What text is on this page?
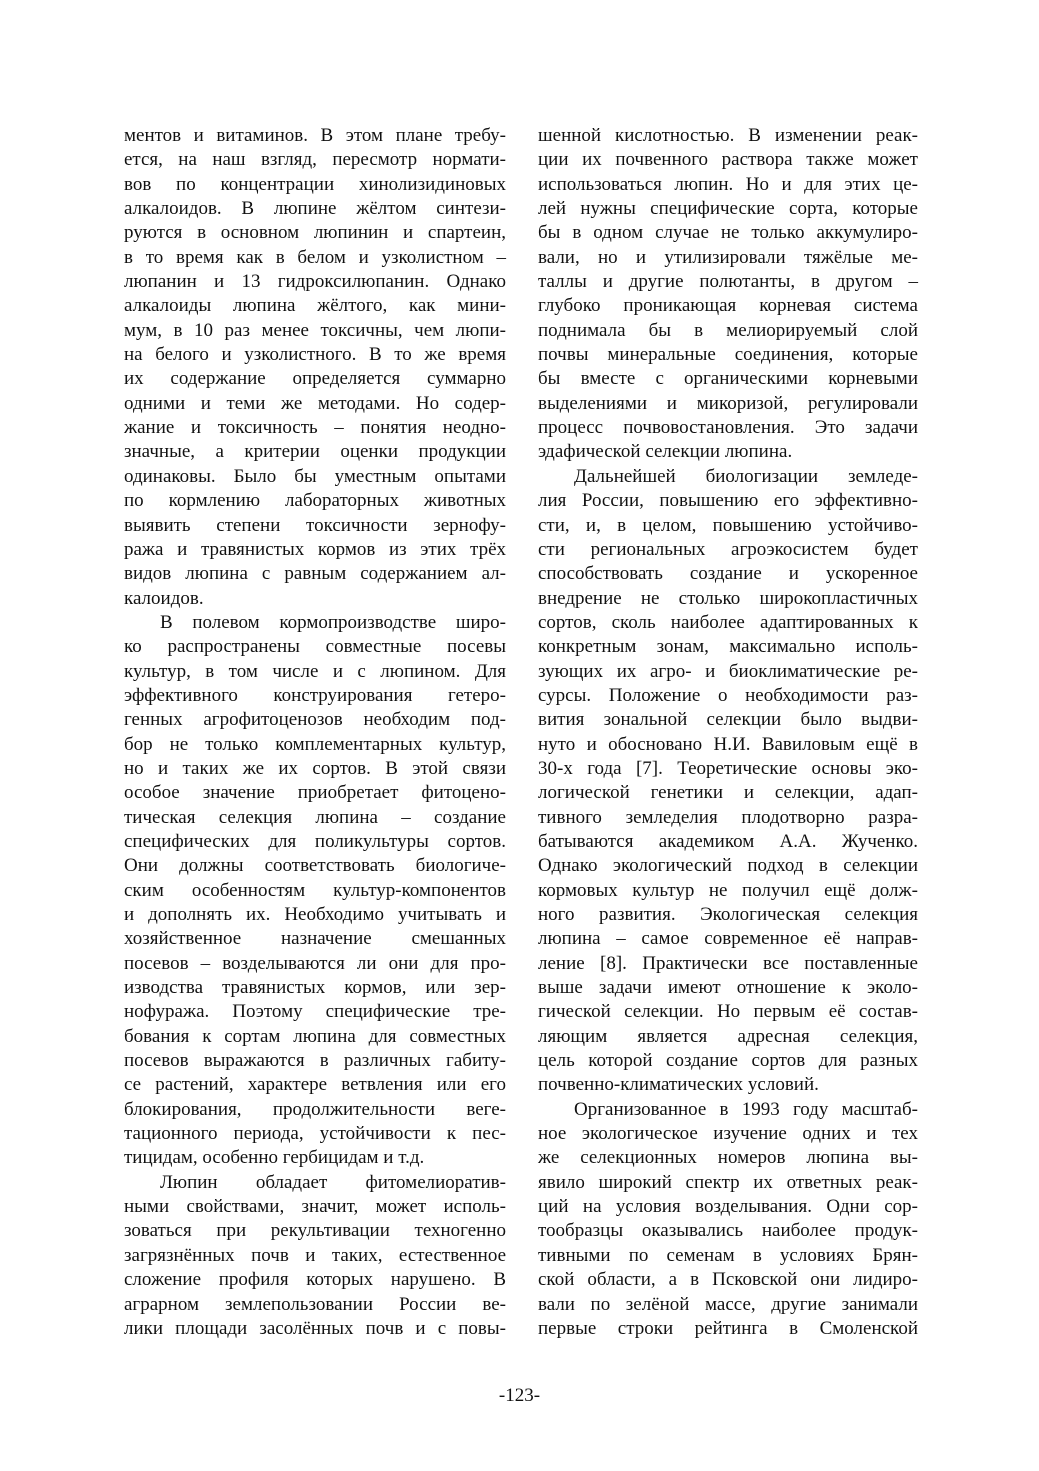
ментов и витаминов. В этом плане требу-
ется, на наш взгляд, пересмотр нормати-
вов по концентрации хинолизидиновых
алкалоидов. В люпине жёлтом синтези-
руются в основном люпинин и спартеин,
в то время как в белом и узколистном –
люпанин и 13 гидроксилюпанин. Однако
алкалоиды люпина жёлтого, как мини-
мум, в 10 раз менее токсичны, чем люпи-
на белого и узколистного. В то же время
их содержание определяется суммарно
одними и теми же методами. Но содер-
жание и токсичность – понятия неодно-
значные, а критерии оценки продукции
одинаковы. Было бы уместным опытами
по кормлению лабораторных животных
выявить степени токсичности зернофу-
ража и травянистых кормов из этих трёх
видов люпина с равным содержанием ал-
калоидов.
В полевом кормопроизводстве широ-
ко распространены совместные посевы
культур, в том числе и с люпином. Для
эффективного конструирования гетеро-
генных агрофитоценозов необходим под-
бор не только комплементарных культур,
но и таких же их сортов. В этой связи
особое значение приобретает фитоцено-
тическая селекция люпина – создание
специфических для поликультуры сортов.
Они должны соответствовать биологиче-
ским особенностям культур-компонентов
и дополнять их. Необходимо учитывать и
хозяйственное назначение смешанных
посевов – возделываются ли они для про-
изводства травянистых кормов, или зер-
нофуража. Поэтому специфические тре-
бования к сортам люпина для совместных
посевов выражаются в различных габиту-
се растений, характере ветвления или его
блокирования, продолжительности веге-
тационного периода, устойчивости к пес-
тицидам, особенно гербицидам и т.д.
Люпин обладает фитомелиоратив-
ными свойствами, значит, может исполь-
зоваться при рекультивации техногенно
загрязнённых почв и таких, естественное
сложение профиля которых нарушено. В
аграрном землепользовании России ве-
лики площади засолённых почв и с повы-
шенной кислотностью. В изменении реак-
ции их почвенного раствора также может
использоваться люпин. Но и для этих це-
лей нужны специфические сорта, которые
бы в одном случае не только аккумулиро-
вали, но и утилизировали тяжёлые ме-
таллы и другие полютанты, в другом –
глубоко проникающая корневая система
поднимала бы в мелиорируемый слой
почвы минеральные соединения, которые
бы вместе с органическими корневыми
выделениями и микоризой, регулировали
процесс почвовостановления. Это задачи
эдафической селекции люпина.
Дальнейшей биологизации земледе-
лия России, повышению его эффективно-
сти, и, в целом, повышению устойчиво-
сти региональных агроэкосистем будет
способствовать создание и ускоренное
внедрение не столько широкопластичных
сортов, сколь наиболее адаптированных к
конкретным зонам, максимально исполь-
зующих их агро- и биоклиматические ре-
сурсы. Положение о необходимости раз-
вития зональной селекции было выдви-
нуто и обосновано Н.И. Вавиловым ещё в
30-х года [7]. Теоретические основы эко-
логической генетики и селекции, адап-
тивного земледелия плодотворно разра-
батываются академиком А.А. Жученко.
Однако экологический подход в селекции
кормовых культур не получил ещё долж-
ного развития. Экологическая селекция
люпина – самое современное её направ-
ление [8]. Практически все поставленные
выше задачи имеют отношение к эколо-
гической селекции. Но первым её состав-
ляющим является адресная селекция,
цель которой создание сортов для разных
почвенно-климатических условий.
Организованное в 1993 году масштаб-
ное экологическое изучение одних и тех
же селекционных номеров люпина вы-
явило широкий спектр их ответных реак-
ций на условия возделывания. Одни сор-
тообразцы оказывались наиболее продук-
тивными по семенам в условиях Брян-
ской области, а в Псковской они лидиро-
вали по зелёной массе, другие занимали
первые строки рейтинга в Смоленской
-123-
